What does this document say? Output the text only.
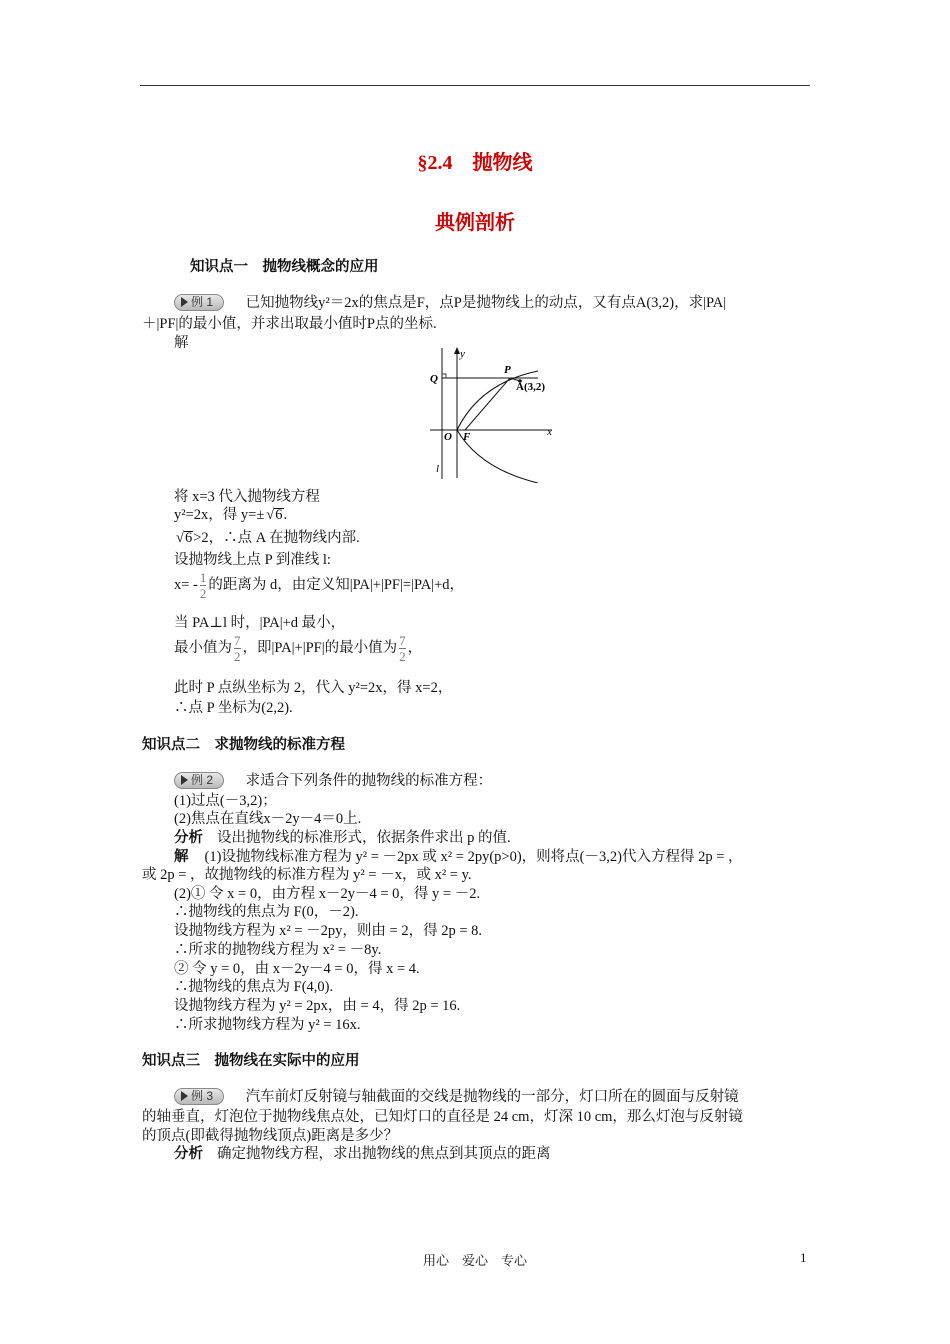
§2.4　抛物线
典例剖析
知识点一　抛物线概念的应用
例 1 已知抛物线y²＝2x的焦点是F，点P是抛物线上的动点，又有点A(3,2)，求|PA|
＋|PF|的最小值，并求出取最小值时P点的坐标.
解
y
x
Q
P
A(3,2)
O F
l
将 x=3 代入抛物线方程
y²=2x，得 y=±√ 6.
√ 6>2，∴点 A 在抛物线内部.
设抛物线上点 P 到准线 l:
$x= - \frac{1}{2}$ 的距离为 d，由定义知|PA|+|PF|=|PA|+d，
当 PA⊥l 时，|PA|+d 最小，
最小值为 $\frac{7}{2}$ ，即|PA|+|PF|的最小值为 $\frac{7}{2}$ ，
此时 P 点纵坐标为 2，代入 y²=2x，得 x=2，
∴点 P 坐标为(2,2).
知识点二　求抛物线的标准方程
例 2 求适合下列条件的抛物线的标准方程：
(1)过点(－3,2)；
(2)焦点在直线x－2y－4＝0上.
分析 设出抛物线的标准形式，依据条件求出 p 的值.
解 (1)设抛物线标准方程为 y² = －2px 或 x² = 2py(p>0)，则将点(－3,2)代入方程得 2p = ，
或 2p = ，故抛物线的标准方程为 y² = －x，或 x² = y.
(2)① 令 x = 0，由方程 x－2y－4 = 0，得 y = －2.
∴抛物线的焦点为 F(0，－2).
设抛物线方程为 x² = －2py，则由 = 2，得 2p = 8.
∴所求的抛物线方程为 x² = －8y.
② 令 y = 0，由 x－2y－4 = 0，得 x = 4.
∴抛物线的焦点为 F(4,0).
设抛物线方程为 y² = 2px，由 = 4，得 2p = 16.
∴所求抛物线方程为 y² = 16x.
知识点三　抛物线在实际中的应用
例 3 汽车前灯反射镜与轴截面的交线是抛物线的一部分，灯口所在的圆面与反射镜
的轴垂直，灯泡位于抛物线焦点处，已知灯口的直径是 24 cm，灯深 10 cm，那么灯泡与反射镜
的顶点(即截得抛物线顶点)距离是多少？
分析 确定抛物线方程，求出抛物线的焦点到其顶点的距离
用心　爱心　专心	1
